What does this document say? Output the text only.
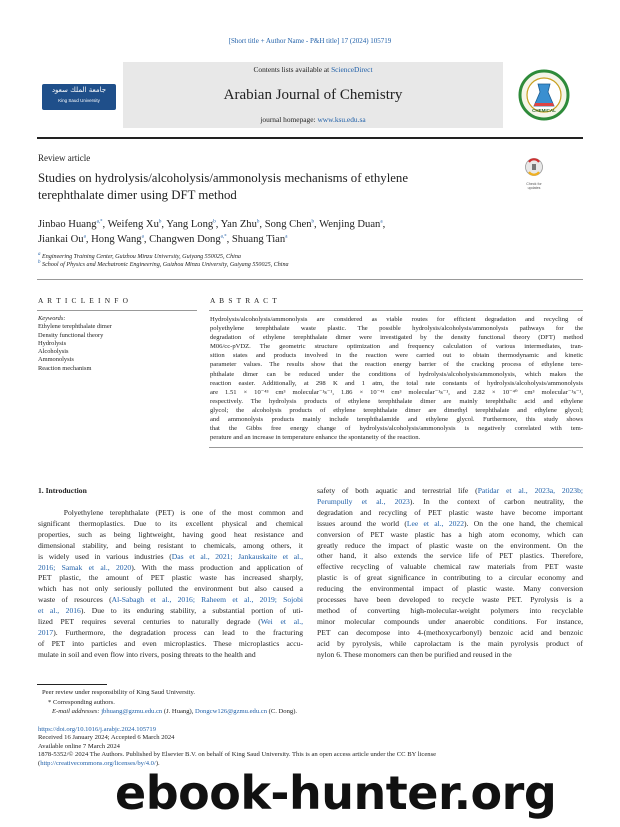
[Short title + Author Name - P&H title] 17 (2024) 105719
جامعة الملك سعود
King Saud University
Contents lists available at ScienceDirect
Arabian Journal of Chemistry
journal homepage: www.ksu.edu.sa
CHEMICAL
Review article
Studies on hydrolysis/alcoholysis/ammonolysis mechanisms of ethylene
terephthalate dimer using DFT method
Check for
updates
Jinbao Huang$^{a,*}$, Weifeng Xu$^b$, Yang Long$^b$, Yan Zhu$^b$, Song Chen$^b$, Wenjing Duan$^a$,
Jiankai Ou$^a$, Hong Wang$^a$, Changwen Dong$^{a,*}$, Shuang Tian$^a$
$^a$ Engineering Training Center, Guizhou Minzu University, Guiyang 550025, China
$^b$ School of Physics and Mechatronic Engineering, Guizhou Minzu University, Guiyang 550025, China
A R T I C L E I N F O
Keywords:
Ethylene terephthalate dimer
Density functional theory
Hydrolysis
Alcoholysis
Ammonolysis
Reaction mechanism
A B S T R A C T
Hydrolysis/alcoholysis/ammonolysis are considered as viable routes for efficient degradation and recycling of
polyethylene terephthalate waste plastic. The possible hydrolysis/alcoholysis/ammonolysis pathways for the
degradation of ethylene terephthalate dimer were investigated by the density functional theory (DFT) method
M06/cc-pVDZ. The geometric structure optimization and frequency calculation of various intermediates, tran-
sition states and products involved in the reaction were carried out to obtain thermodynamic and kinetic
parameter values. The results show that the reaction energy barrier of the cracking process of ethylene tere-
phthalate dimer can be reduced under the conditions of hydrolysis/alcoholysis/ammonolysis, which makes the
reaction easier. Additionally, at 298 K and 1 atm, the total rate constants of hydrolysis/alcoholysis/ammonolysis
are 1.51 × 10⁻⁴³ cm³ molecular⁻¹s⁻¹, 1.86 × 10⁻⁴¹ cm³ molecular⁻¹s⁻¹, and 2.82 × 10⁻⁴⁰ cm³ molecular⁻¹s⁻¹,
respectively. The hydrolysis products of ethylene terephthalate dimer are mainly terephthalic acid and ethylene
glycol; the alcoholysis products of ethylene terephthalate dimer are dimethyl terephthalate and ethylene glycol;
and ammonolysis products mainly include terephthalamide and ethylene glycol. Furthermore, this study shows
that the Gibbs free energy change of hydrolysis/alcoholysis/ammonolysis is negatively correlated with tem-
perature and an increase in temperature enhance the spontaneity of the reaction.
1. Introduction
Polyethylene terephthalate (PET) is one of the most common and
significant thermoplastics. Due to its excellent physical and chemical
properties, such as being lightweight, having good heat resistance and
dimensional stability, and being resistant to chemicals, among others, it
is widely used in various industries (Das et al., 2021; Jankauskaite et al.,
2016; Samak et al., 2020). With the mass production and application of
PET plastic, the amount of PET plastic waste has increased sharply,
which has not only seriously polluted the environment but also caused a
waste of resources (Al-Sabagh et al., 2016; Raheem et al., 2019; Sojobi
et al., 2016). Due to its enduring stability, a substantial portion of uti-
lized PET requires several centuries to naturally degrade (Wei et al.,
2017). Furthermore, the degradation process can lead to the fracturing
of PET into particles and even microplastics. These microplastics accu-
mulate in soil and even flow into rivers, posing threats to the health and
safety of both aquatic and terrestrial life (Patidar et al., 2023a, 2023b;
Perumpully et al., 2023). In the context of carbon neutrality, the
degradation and recycling of PET plastic waste have become important
issues around the world (Lee et al., 2022). On the one hand, the chemical
conversion of PET waste plastic has a high atom economy, which can
greatly reduce the impact of plastic waste on the environment. On the
other hand, it also extends the service life of PET plastics. Therefore,
effective recycling of valuable chemical raw materials from PET waste
plastic is of great significance in contributing to a circular economy and
reducing the environmental impact of plastic waste. Many conversion
processes have been developed to recycle waste PET. Pyrolysis is a
method of converting high-molecular-weight polymers into recyclable
minor molecular compounds under anaerobic conditions. For instance,
PET can decompose into 4-(methoxycarbonyl) benzoic acid and benzoic
acid by pyrolysis, while caprolactam is the main pyrolysis product of
nylon 6. These monomers can then be purified and reused in the
Peer review under responsibility of King Saud University.
* Corresponding authors.
E-mail addresses: jbhuang@gzmu.edu.cn (J. Huang), Dongcw126@gzmu.edu.cn (C. Dong).
https://doi.org/10.1016/j.arabjc.2024.105719
Received 16 January 2024; Accepted 6 March 2024
Available online 7 March 2024
1878-5352/© 2024 The Authors. Published by Elsevier B.V. on behalf of King Saud University. This is an open access article under the CC BY license
(http://creativecommons.org/licenses/by/4.0/).
ebook-hunter.org
